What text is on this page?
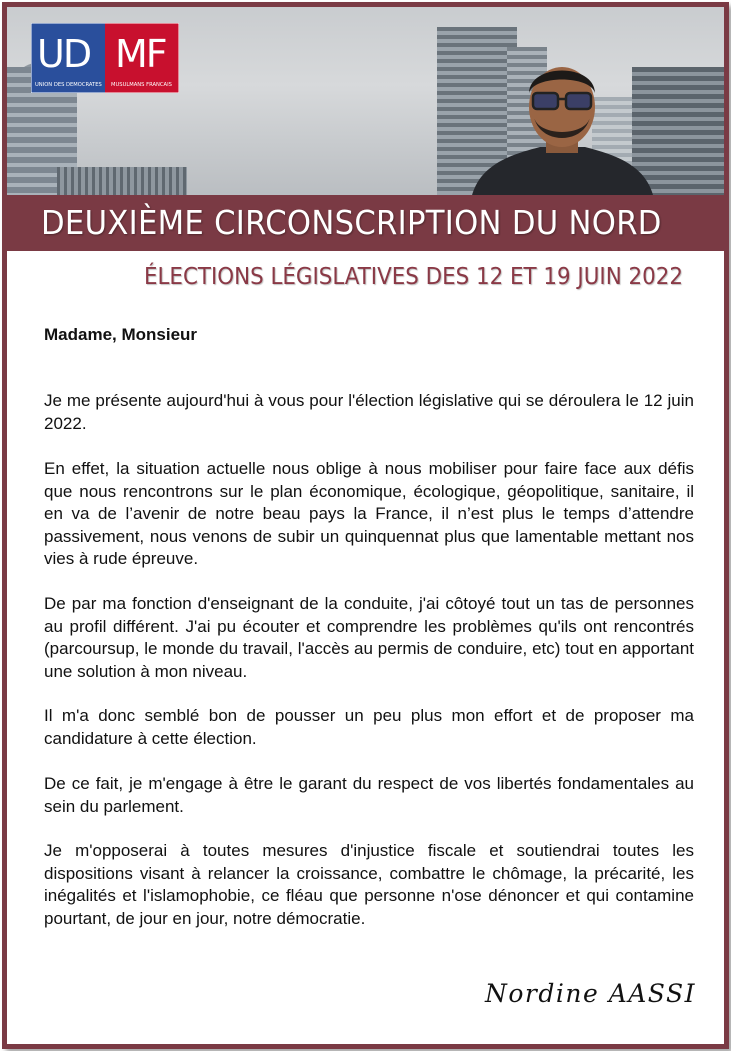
UD MF
UNION DES DEMOCRATES MUSULMANS FRANCAIS
DEUXIÈME CIRCONSCRIPTION DU NORD
ÉLECTIONS LÉGISLATIVES DES 12 ET 19 JUIN 2022
Madame, Monsieur

Je me présente aujourd'hui à vous pour l'élection législative qui se déroulera le 12 juin 2022.

En effet, la situation actuelle nous oblige à nous mobiliser pour faire face aux défis que nous rencontrons sur le plan économique, écologique, géopolitique, sanitaire, il en va de l’avenir de notre beau pays la France, il n’est plus le temps d’attendre passivement, nous venons de subir un quinquennat plus que lamentable mettant nos vies à rude épreuve.

De par ma fonction d'enseignant de la conduite, j'ai côtoyé tout un tas de personnes au profil différent. J'ai pu écouter et comprendre les problèmes qu'ils ont rencontrés (parcoursup, le monde du travail, l'accès au permis de conduire, etc) tout en apportant une solution à mon niveau.

Il m'a donc semblé bon de pousser un peu plus mon effort et de proposer ma candidature à cette élection.

De ce fait, je m'engage à être le garant du respect de vos libertés fondamentales au sein du parlement.

Je m'opposerai à toutes mesures d'injustice fiscale et soutiendrai toutes les dispositions visant à relancer la croissance, combattre le chômage, la précarité, les inégalités et l'islamophobie, ce fléau que personne n'ose dénoncer et qui contamine pourtant, de jour en jour, notre démocratie.

Nordine AASSI
